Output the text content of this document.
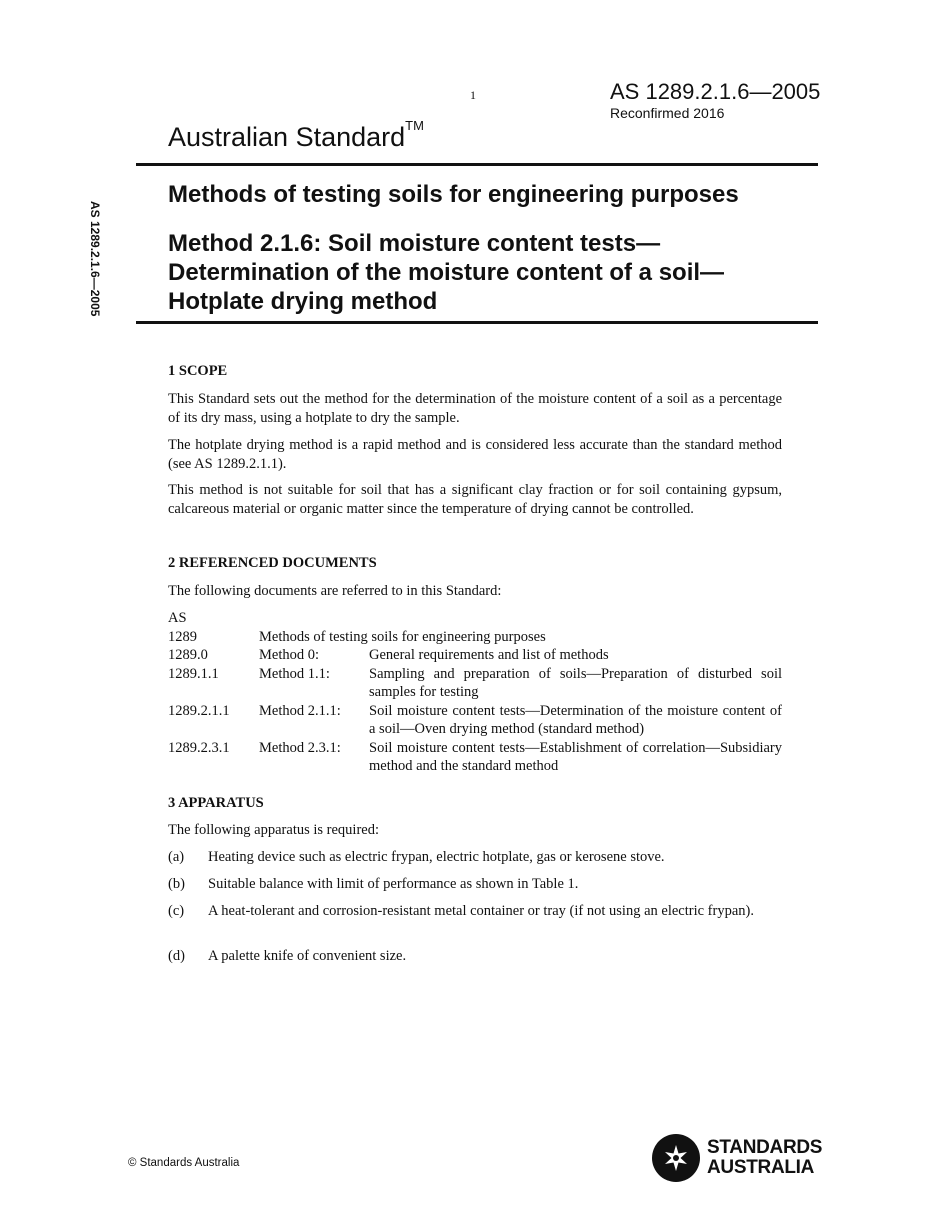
1	AS 1289.2.1.6—2005
Reconfirmed 2016
Australian Standard™
AS 1289.2.1.6—2005
Methods of testing soils for engineering purposes
Method 2.1.6: Soil moisture content tests—
Determination of the moisture content of a soil—
Hotplate drying method
1 SCOPE

This Standard sets out the method for the determination of the moisture content of a soil as a percentage of its dry mass, using a hotplate to dry the sample.

The hotplate drying method is a rapid method and is considered less accurate than the standard method (see AS 1289.2.1.1).

This method is not suitable for soil that has a significant clay fraction or for soil containing gypsum, calcareous material or organic matter since the temperature of drying cannot be controlled.

2 REFERENCED DOCUMENTS

The following documents are referred to in this Standard:

AS
1289	Methods of testing soils for engineering purposes
1289.0	Method 0:	General requirements and list of methods
1289.1.1	Method 1.1:	Sampling and preparation of soils—Preparation of disturbed soil samples for testing
1289.2.1.1	Method 2.1.1:	Soil moisture content tests—Determination of the moisture content of a soil—Oven drying method (standard method)
1289.2.3.1	Method 2.3.1:	Soil moisture content tests—Establishment of correlation—Subsidiary method and the standard method
3 APPARATUS

The following apparatus is required:

(a)	Heating device such as electric frypan, electric hotplate, gas or kerosene stove.
(b)	Suitable balance with limit of performance as shown in Table 1.
(c)	A heat-tolerant and corrosion-resistant metal container or tray (if not using an electric frypan).
(d)	A palette knife of convenient size.
© Standards Australia
STANDARDS
AUSTRALIA
